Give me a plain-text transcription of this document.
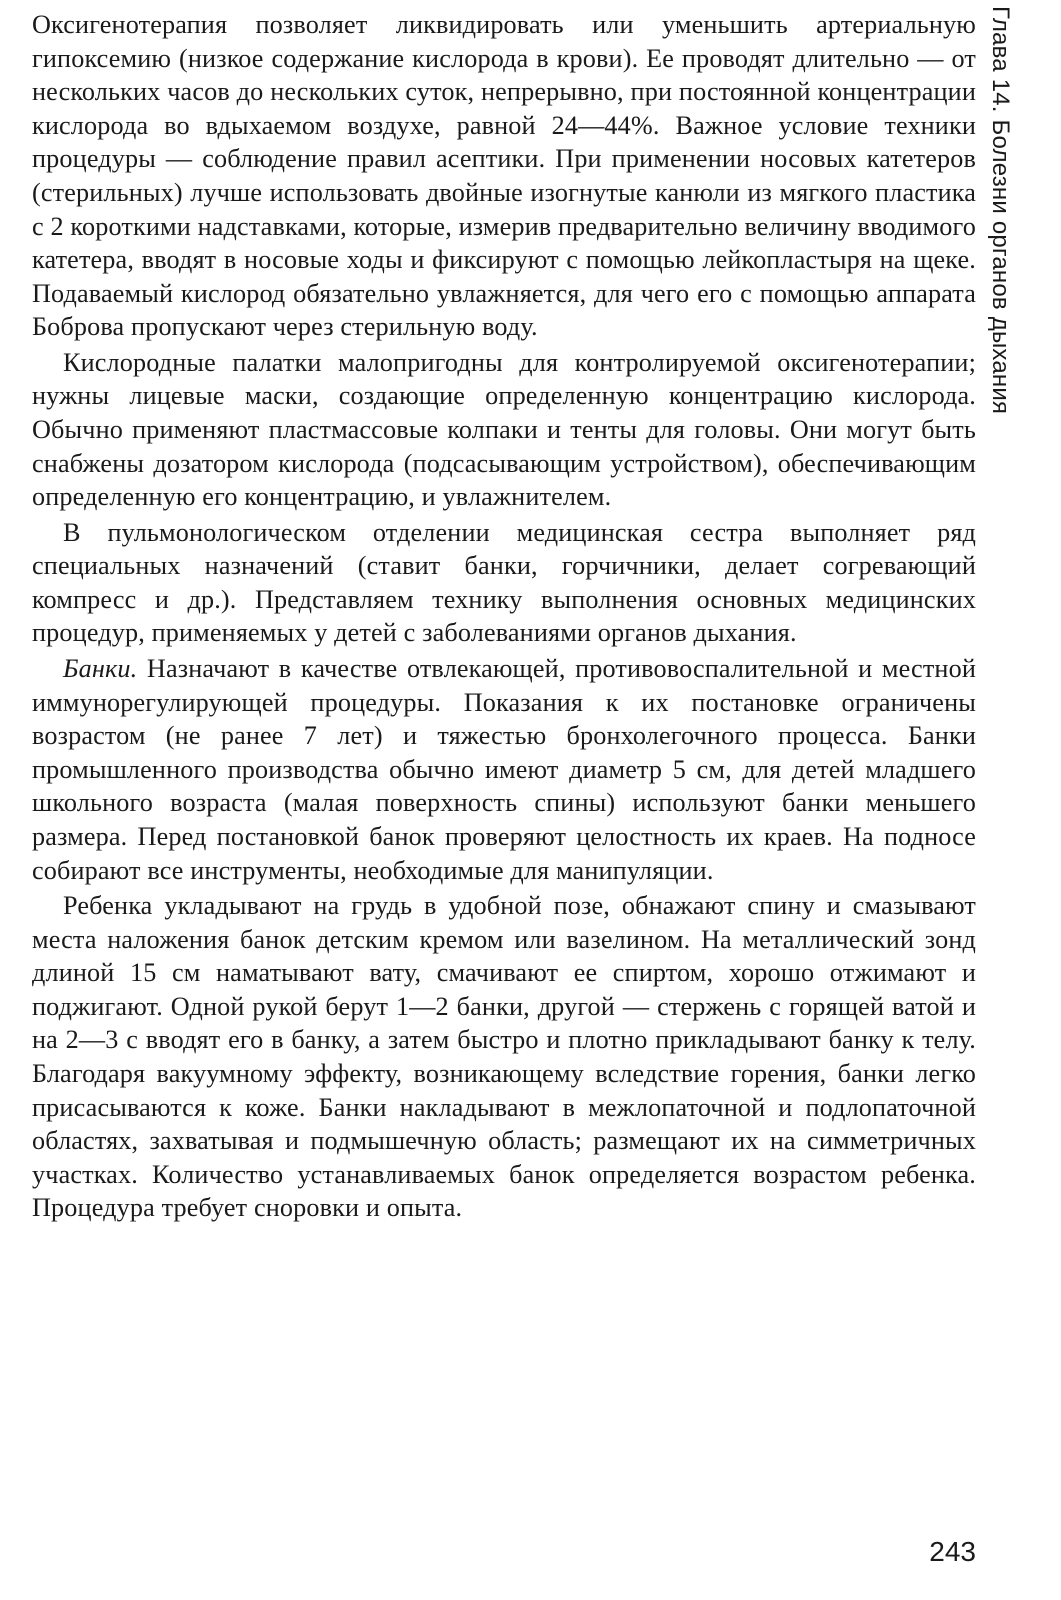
Оксигенотерапия позволяет ликвидировать или уменьшить артериальную гипоксемию (низкое содержание кислорода в крови). Ее проводят длительно — от нескольких часов до нескольких суток, непрерывно, при постоянной концентрации кислорода во вдыхаемом воздухе, равной 24—44%. Важное условие техники процедуры — соблюдение правил асептики. При применении носовых катетеров (стерильных) лучше использовать двойные изогнутые канюли из мягкого пластика с 2 короткими надставками, которые, измерив предварительно величину вводимого катетера, вводят в носовые ходы и фиксируют с помощью лейкопластыря на щеке. Подаваемый кислород обязательно увлажняется, для чего его с помощью аппарата Боброва пропускают через стерильную воду.

Кислородные палатки малопригодны для контролируемой оксигенотерапии; нужны лицевые маски, создающие определенную концентрацию кислорода. Обычно применяют пластмассовые колпаки и тенты для головы. Они могут быть снабжены дозатором кислорода (подсасывающим устройством), обеспечивающим определенную его концентрацию, и увлажнителем.

В пульмонологическом отделении медицинская сестра выполняет ряд специальных назначений (ставит банки, горчичники, делает согревающий компресс и др.). Представляем технику выполнения основных медицинских процедур, применяемых у детей с заболеваниями органов дыхания.

Банки. Назначают в качестве отвлекающей, противовоспалительной и местной иммунорегулирующей процедуры. Показания к их постановке ограничены возрастом (не ранее 7 лет) и тяжестью бронхолегочного процесса. Банки промышленного производства обычно имеют диаметр 5 см, для детей младшего школьного возраста (малая поверхность спины) используют банки меньшего размера. Перед постановкой банок проверяют целостность их краев. На подносе собирают все инструменты, необходимые для манипуляции.

Ребенка укладывают на грудь в удобной позе, обнажают спину и смазывают места наложения банок детским кремом или вазелином. На металлический зонд длиной 15 см наматывают вату, смачивают ее спиртом, хорошо отжимают и поджигают. Одной рукой берут 1—2 банки, другой — стержень с горящей ватой и на 2—3 с вводят его в банку, а затем быстро и плотно прикладывают банку к телу. Благодаря вакуумному эффекту, возникающему вследствие горения, банки легко присасываются к коже. Банки накладывают в межлопаточной и подлопаточной областях, захватывая и подмышечную область; размещают их на симметричных участках. Количество устанавливаемых банок определяется возрастом ребенка. Процедура требует сноровки и опыта.

Глава 14. Болезни органов дыхания
243
